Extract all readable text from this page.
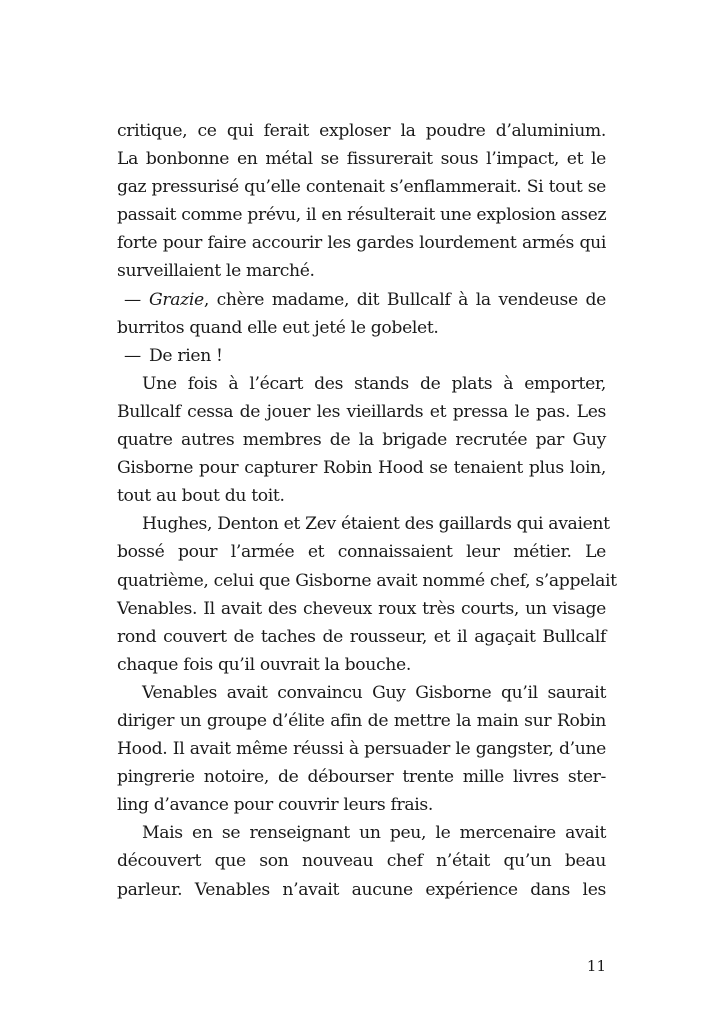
critique, ce qui ferait exploser la poudre d’aluminium.
La bonbonne en métal se fissurerait sous l’impact, et le
gaz pressurisé qu’elle contenait s’enflammerait. Si tout se
passait comme prévu, il en résulterait une explosion assez
forte pour faire accourir les gardes lourdement armés qui
surveillaient le marché.
— Grazie, chère madame, dit Bullcalf à la vendeuse de
burritos quand elle eut jeté le gobelet.
— De rien !
Une fois à l’écart des stands de plats à emporter,
Bullcalf cessa de jouer les vieillards et pressa le pas. Les
quatre autres membres de la brigade recrutée par Guy
Gisborne pour capturer Robin Hood se tenaient plus loin,
tout au bout du toit.
Hughes, Denton et Zev étaient des gaillards qui avaient
bossé pour l’armée et connaissaient leur métier. Le
quatrième, celui que Gisborne avait nommé chef, s’appelait
Venables. Il avait des cheveux roux très courts, un visage
rond couvert de taches de rousseur, et il agaçait Bullcalf
chaque fois qu’il ouvrait la bouche.
Venables avait convaincu Guy Gisborne qu’il saurait
diriger un groupe d’élite afin de mettre la main sur Robin
Hood. Il avait même réussi à persuader le gangster, d’une
pingrerie notoire, de débourser trente mille livres ster-
ling d’avance pour couvrir leurs frais.
Mais en se renseignant un peu, le mercenaire avait
découvert que son nouveau chef n’était qu’un beau
parleur. Venables n’avait aucune expérience dans les
11
